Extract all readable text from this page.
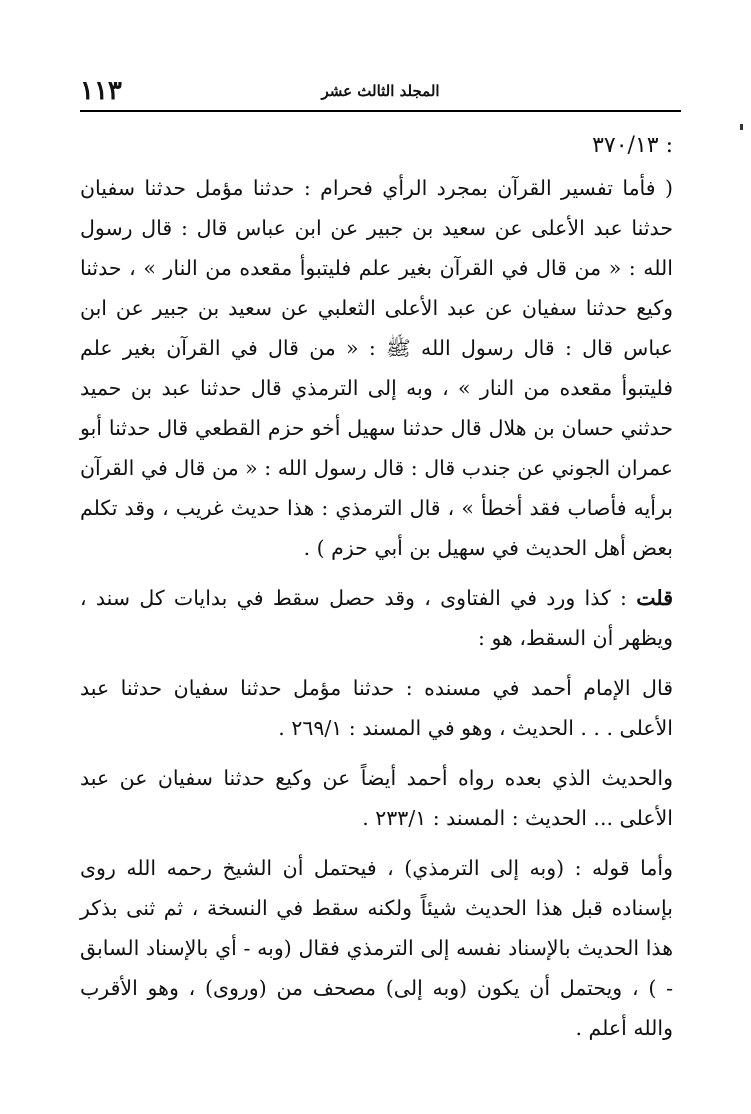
١١٣	المجلد الثالث عشر

: ٣٧٠/١٣

( فأما تفسير القرآن بمجرد الرأي فحرام : حدثنا مؤمل حدثنا سفيان حدثنا عبد الأعلى عن سعيد بن جبير عن ابن عباس قال : قال رسول الله : « من قال في القرآن بغير علم فليتبوأ مقعده من النار » ، حدثنا وكيع حدثنا سفيان عن عبد الأعلى الثعلبي عن سعيد بن جبير عن ابن عباس قال : قال رسول الله ﷺ : « من قال في القرآن بغير علم فليتبوأ مقعده من النار » ، وبه إلى الترمذي قال حدثنا عبد بن حميد حدثني حسان بن هلال قال حدثنا سهيل أخو حزم القطعي قال حدثنا أبو عمران الجوني عن جندب قال : قال رسول الله : « من قال في القرآن برأيه فأصاب فقد أخطأ » ، قال الترمذي : هذا حديث غريب ، وقد تكلم بعض أهل الحديث في سهيل بن أبي حزم ) .

قلت : كذا ورد في الفتاوى ، وقد حصل سقط في بدايات كل سند ، ويظهر أن السقط، هو :

قال الإمام أحمد في مسنده : حدثنا مؤمل حدثنا سفيان حدثنا عبد الأعلى . . . الحديث ، وهو في المسند : ٢٦٩/١ .

والحديث الذي بعده رواه أحمد أيضاً عن وكيع حدثنا سفيان عن عبد الأعلى ... الحديث : المسند : ٢٣٣/١ .

وأما قوله : (وبه إلى الترمذي) ، فيحتمل أن الشيخ رحمه الله روى بإسناده قبل هذا الحديث شيئاً ولكنه سقط في النسخة ، ثم ثنى بذكر هذا الحديث بالإسناد نفسه إلى الترمذي فقال (وبه - أي بالإسناد السابق - ) ، ويحتمل أن يكون (وبه إلى) مصحف من (وروى) ، وهو الأقرب والله أعلم .
